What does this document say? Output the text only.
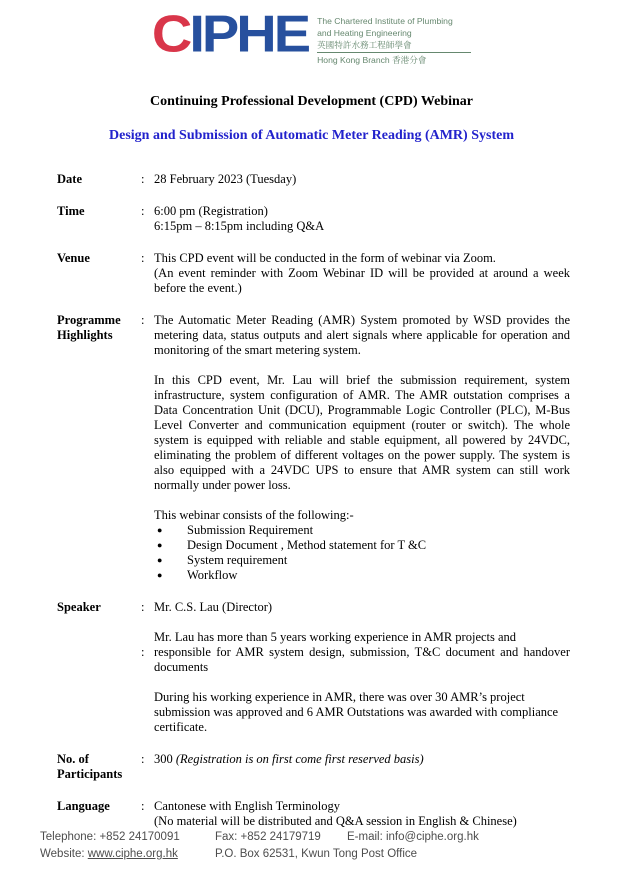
CIPHE The Chartered Institute of Plumbing
and Heating Engineering
英國特許水務工程師學會
Hong Kong Branch 香港分會
Continuing Professional Development (CPD) Webinar
Design and Submission of Automatic Meter Reading (AMR) System
Date	: 28 February 2023 (Tuesday)
Time	: 6:00 pm (Registration)
6:15pm – 8:15pm including Q&A
Venue	: This CPD event will be conducted in the form of webinar via Zoom.
(An event reminder with Zoom Webinar ID will be provided at around a week before the event.)
Programme Highlights
: The Automatic Meter Reading (AMR) System promoted by WSD provides the metering data, status outputs and alert signals where applicable for operation and monitoring of the smart metering system.
In this CPD event, Mr. Lau will brief the submission requirement, system infrastructure, system configuration of AMR. The AMR outstation comprises a Data Concentration Unit (DCU), Programmable Logic Controller (PLC), M-Bus Level Converter and communication equipment (router or switch). The whole system is equipped with reliable and stable equipment, all powered by 24VDC, eliminating the problem of different voltages on the power supply. The system is also equipped with a 24VDC UPS to ensure that AMR system can still work normally under power loss.
This webinar consists of the following:-
●	Submission Requirement
●	Design Document , Method statement for T &C
●	System requirement
●	Workflow
Speaker	: Mr. C.S. Lau (Director)
:
Mr. Lau has more than 5 years working experience in AMR projects and
responsible for AMR system design, submission, T&C document and handover documents
During his working experience in AMR, there was over 30 AMR’s project submission was approved and 6 AMR Outstations was awarded with compliance certificate.
No. of Participants
: 300 (Registration is on first come first reserved basis)
Language	: Cantonese with English Terminology
(No material will be distributed and Q&A session in English & Chinese)
Telephone: +852 24170091	Fax: +852 24179719	E-mail: info@ciphe.org.hk
Website: www.ciphe.org.hk	P.O. Box 62531, Kwun Tong Post Office
